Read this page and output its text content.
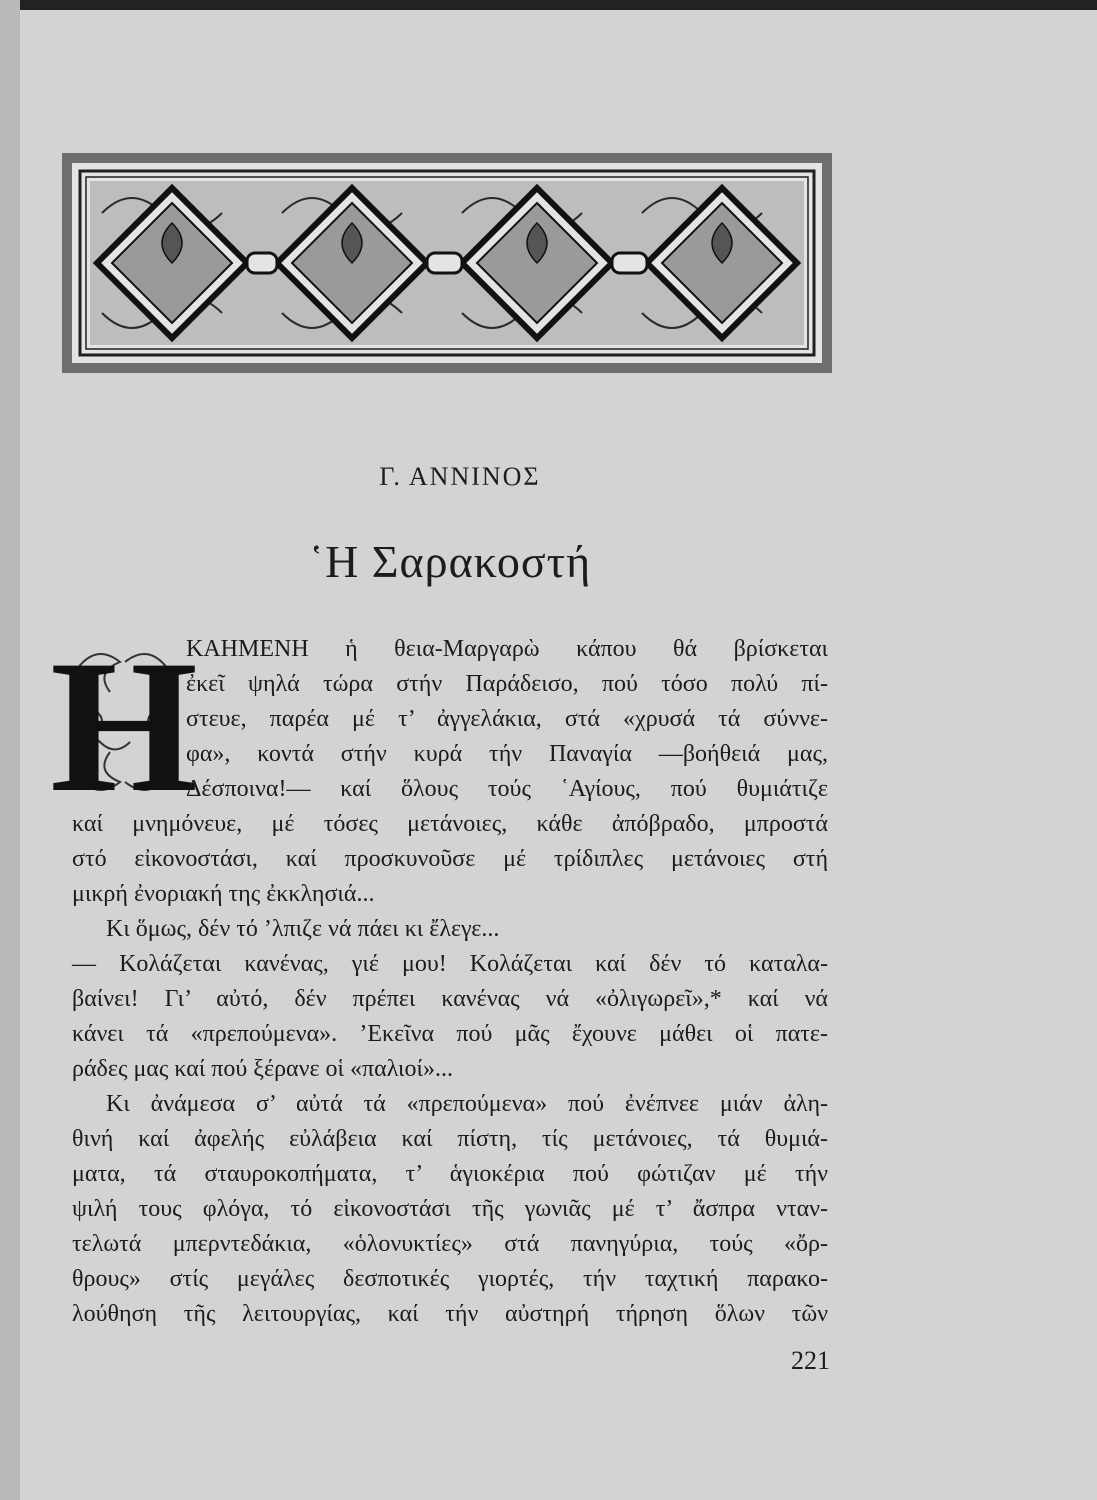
Γ. ΑΝΝΙΝΟΣ
῾Η Σαρακοστή
Η
ΚΑΗΜΕΝΗ ἡ θεια-Μαργαρὼ κάπου θά βρίσκεται
ἐκεῖ ψηλά τώρα στήν Παράδεισο, πού τόσο πολύ πί-
στευε, παρέα μέ τ’ ἀγγελάκια, στά «χρυσά τά σύννε-
φα», κοντά στήν κυρά τήν Παναγία —βοήθειά μας,
Δέσποινα!— καί ὅλους τούς ῾Αγίους, πού θυμιάτιζε
καί μνημόνευε, μέ τόσες μετάνοιες, κάθε ἀπόβραδο, μπροστά
στό εἰκονοστάσι, καί προσκυνοῦσε μέ τρίδιπλες μετάνοιες στή
μικρή ἐνοριακή της ἐκκλησιά...
Κι ὅμως, δέν τό ’λπιζε νά πάει κι ἔλεγε...
— Κολάζεται κανένας, γιέ μου! Κολάζεται καί δέν τό καταλα-
βαίνει! Γι’ αὐτό, δέν πρέπει κανένας νά «ὀλιγωρεῖ»,* καί νά
κάνει τά «πρεπούμενα». ’Εκεῖνα πού μᾶς ἔχουνε μάθει οἱ πατε-
ράδες μας καί πού ξέρανε οἱ «παλιοί»...
Κι ἀνάμεσα σ’ αὐτά τά «πρεπούμενα» πού ἐνέπνεε μιάν ἀλη-
θινή καί ἀφελής εὐλάβεια καί πίστη, τίς μετάνοιες, τά θυμιά-
ματα, τά σταυροκοπήματα, τ’ ἁγιοκέρια πού φώτιζαν μέ τήν
ψιλή τους φλόγα, τό εἰκονοστάσι τῆς γωνιᾶς μέ τ’ ἄσπρα νταν-
τελωτά μπερντεδάκια, «ὁλονυκτίες» στά πανηγύρια, τούς «ὄρ-
θρους» στίς μεγάλες δεσποτικές γιορτές, τήν ταχτική παρακο-
λούθηση τῆς λειτουργίας, καί τήν αὐστηρή τήρηση ὅλων τῶν
221
